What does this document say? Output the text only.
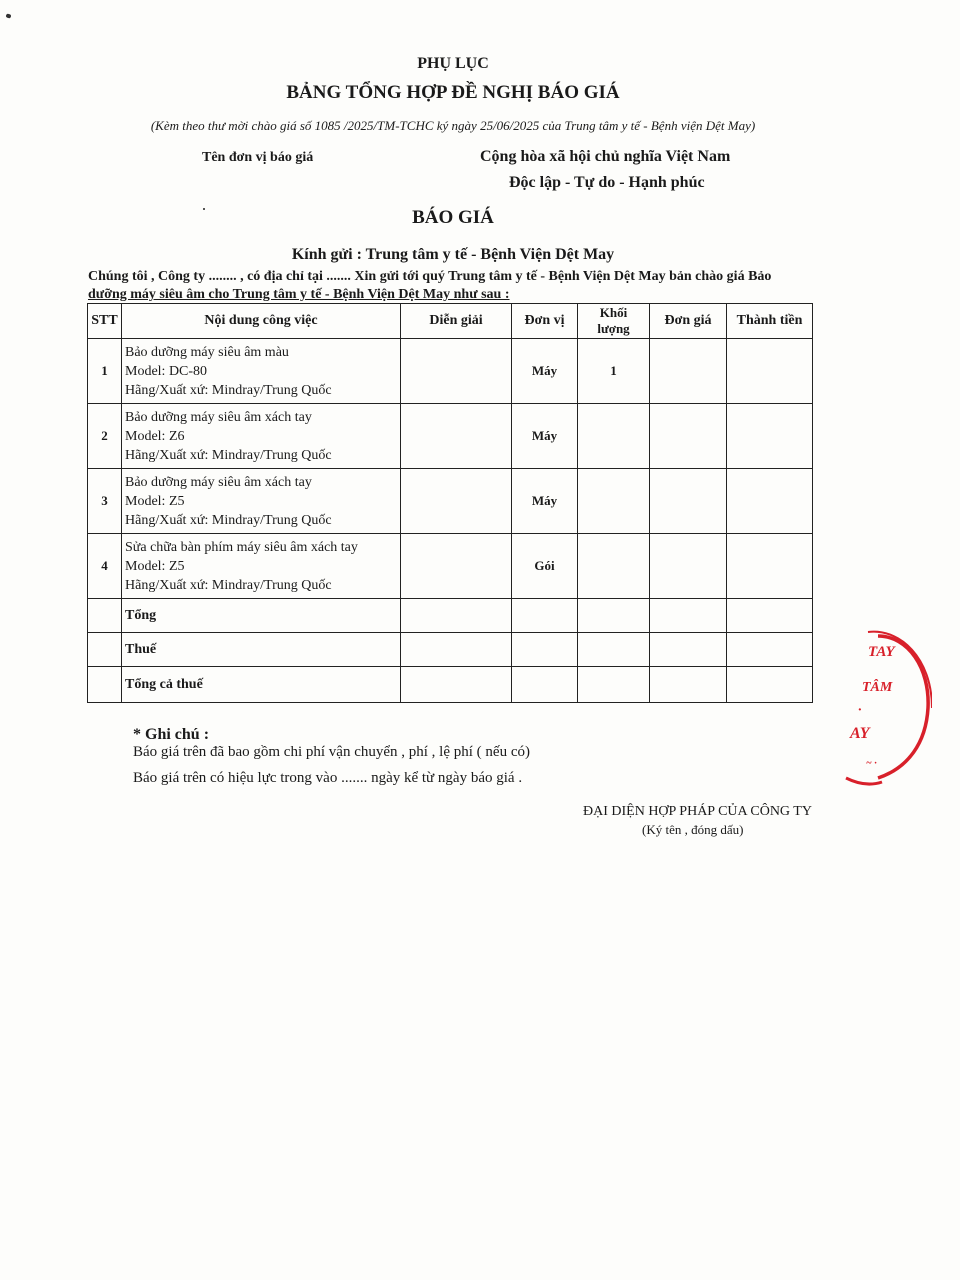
PHỤ LỤC
BẢNG TỔNG HỢP ĐỀ NGHỊ BÁO GIÁ
(Kèm theo thư mời chào giá số 1085 /2025/TM-TCHC ký ngày 25/06/2025 của Trung tâm y tế - Bệnh viện Dệt May)
Tên đơn vị báo giá	Cộng hòa xã hội chủ nghĩa Việt Nam
Độc lập - Tự do - Hạnh phúc
BÁO GIÁ
Kính gửi : Trung tâm y tế - Bệnh Viện Dệt May
Chúng tôi , Công ty ........ , có địa chỉ tại ....... Xin gửi tới quý Trung tâm y tế - Bệnh Viện Dệt May bản chào giá Bảo
dưỡng máy siêu âm cho Trung tâm y tế - Bệnh Viện Dệt May như sau :
STT	Nội dung công việc	Diễn giải	Đơn vị	Khối lượng	Đơn giá	Thành tiền
1	Bảo dưỡng máy siêu âm màu
Model: DC-80
Hãng/Xuất xứ: Mindray/Trung Quốc		Máy	1		
2	Bảo dưỡng máy siêu âm xách tay
Model: Z6
Hãng/Xuất xứ: Mindray/Trung Quốc		Máy			
3	Bảo dưỡng máy siêu âm xách tay
Model: Z5
Hãng/Xuất xứ: Mindray/Trung Quốc		Máy			
4	Sửa chữa bàn phím máy siêu âm xách tay
Model: Z5
Hãng/Xuất xứ: Mindray/Trung Quốc		Gói			
	Tổng					
	Thuế					
	Tổng cả thuế					
* Ghi chú :
Báo giá trên đã bao gồm chi phí vận chuyển , phí , lệ phí ( nếu có)
Báo giá trên có hiệu lực trong vào ....... ngày kể từ ngày báo giá .
ĐẠI DIỆN HỢP PHÁP CỦA CÔNG TY
(Ký tên , đóng dấu)
TAY
TÂM
AY
·
~ ·
